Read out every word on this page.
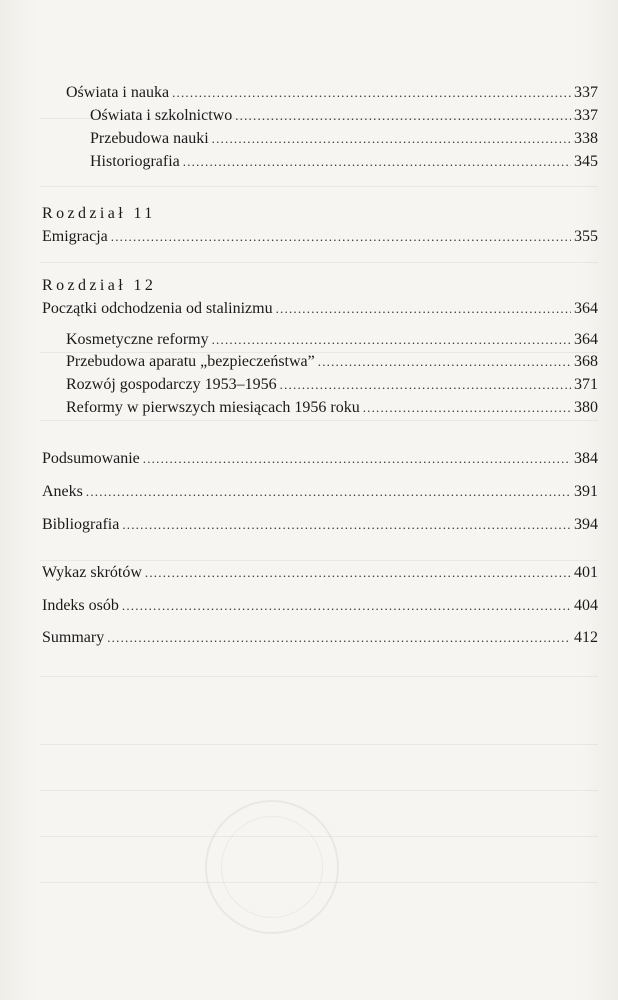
Oświata i nauka .....	337
Oświata i szkolnictwo .....	337
Przebudowa nauki .....	338
Historiografia .....	345
Rozdział 11
Emigracja .....	355
Rozdział 12
Początki odchodzenia od stalinizmu .....	364
Kosmetyczne reformy .....	364
Przebudowa aparatu „bezpieczeństwa” .....	368
Rozwój gospodarczy 1953–1956 .....	371
Reformy w pierwszych miesiącach 1956 roku .....	380
Podsumowanie .....	384
Aneks .....	391
Bibliografia .....	394
Wykaz skrótów .....	401
Indeks osób .....	404
Summary .....	412
